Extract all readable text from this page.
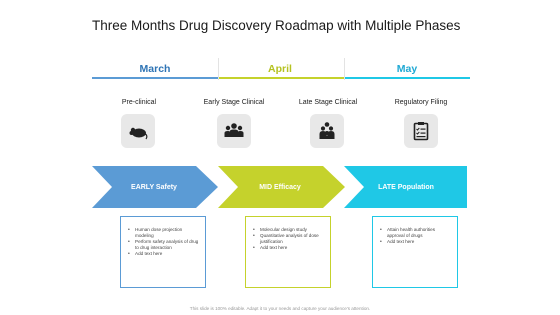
Three Months Drug Discovery Roadmap with Multiple Phases
March	April	May
Pre-clinical	Early Stage Clinical	Late Stage Clinical	Regulatory Filing
EARLY Safety	MID Efficacy	LATE Population
• Human dose projection modeling
• Perform safety analysis of drug to drug interaction
• Add text here
• Molecular design study
• Quantitative analysis of dose justification
• Add text here
• Attain health authorities approval of drugs
• Add text here
This slide is 100% editable. Adapt it to your needs and capture your audience's attention.
